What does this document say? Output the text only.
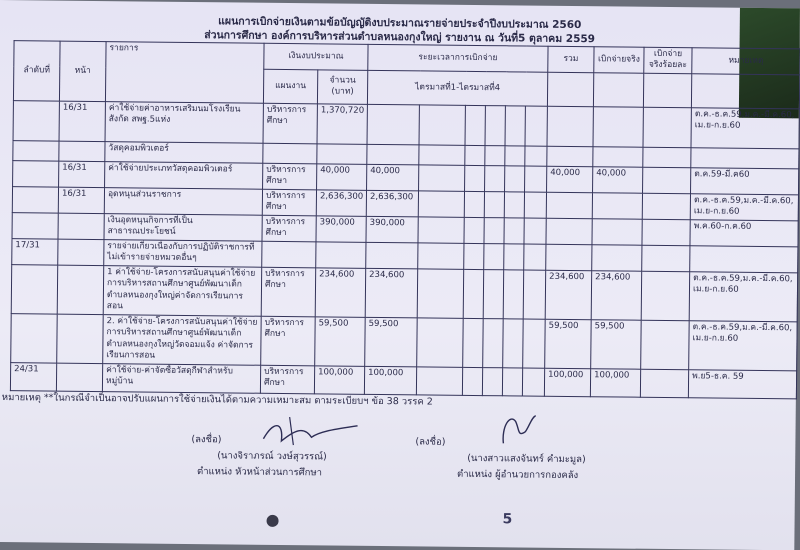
แผนการเบิกจ่ายเงินตามข้อบัญญัติงบประมาณรายจ่ายประจำปีงบประมาณ 2560
ส่วนการศึกษา องค์การบริหารส่วนตำบลหนองกุงใหญ่ รายงาน ณ วันที่5 ตุลาคม 2559
ลำดับที่	หน้า	รายการ	เงินงบประมาณ		ระยะเวลาการเบิกจ่าย						รวม	เบิกจ่ายจริง	เบิกจ่ายจริงร้อยละ	หมายเหตุ
			แผนงาน	จำนวน (บาท)	ไตรมาสที่1-ไตรมาสที่4									
	16/31	ค่าใช้จ่ายค่าอาหารเสริมนมโรงเรียนสังกัด สพฐ.5แห่ง	บริหารการศึกษา	1,370,720										ต.ค.-ธ.ค.59,ม.ค.-มี.ค.60, เม.ย-ก.ย.60
		วัสดุคอมพิวเตอร์												
	16/31	ค่าใช้จ่ายประเภทวัสดุคอมพิวเตอร์	บริหารการศึกษา	40,000	40,000						40,000	40,000		ต.ค.59-มี.ค60
	16/31	อุดหนุนส่วนราชการ	บริหารการศึกษา	2,636,300	2,636,300									ต.ค.-ธ.ค.59,ม.ค.-มี.ค.60, เม.ย-ก.ย.60
		เงินอุดหนุนกิจการที่เป็นสาธารณประโยชน์	บริหารการศึกษา	390,000	390,000									พ.ค.60-ก.ค.60
17/31		รายจ่ายเกี่ยวเนื่องกับการปฏิบัติราชการที่ไม่เข้ารายจ่ายหมวดอื่นๆ												
		1 ค่าใช้จ่าย-โครงการสนับสนุนค่าใช้จ่ายการบริหารสถานศึกษาศูนย์พัฒนาเด็กตำบลหนองกุงใหญ่ค่าจัดการเรียนการสอน	บริหารการศึกษา	234,600	234,600						234,600	234,600		ต.ค.-ธ.ค.59,ม.ค.-มี.ค.60, เม.ย-ก.ย.60
		2. ค่าใช้จ่าย-โครงการสนับสนุนค่าใช้จ่ายการบริหารสถานศึกษาศูนย์พัฒนาเด็กตำบลหนองกุงใหญ่วัดจอมแจ้ง ค่าจัดการเรียนการสอน	บริหารการศึกษา	59,500	59,500						59,500	59,500		ต.ค.-ธ.ค.59,ม.ค.-มี.ค.60, เม.ย-ก.ย.60
24/31		ค่าใช้จ่าย-ค่าจัดซื้อวัสดุกีฬาสำหรับหมู่บ้าน	บริหารการศึกษา	100,000	100,000						100,000	100,000		พ.ย5-ธ.ค. 59
หมายเหตุ **ในกรณีจำเป็นอาจปรับแผนการใช้จ่ายเงินได้ตามความเหมาะสม ตามระเบียบฯ ข้อ 38 วรรค 2
(ลงชื่อ)
(นางจิราภรณ์ วงษ์สุวรรณ์)
ตำแหน่ง หัวหน้าส่วนการศึกษา
(ลงชื่อ)
(นางสาวแสงจันทร์ คำมะมูล)
ตำแหน่ง ผู้อำนวยการกองคลัง
5
